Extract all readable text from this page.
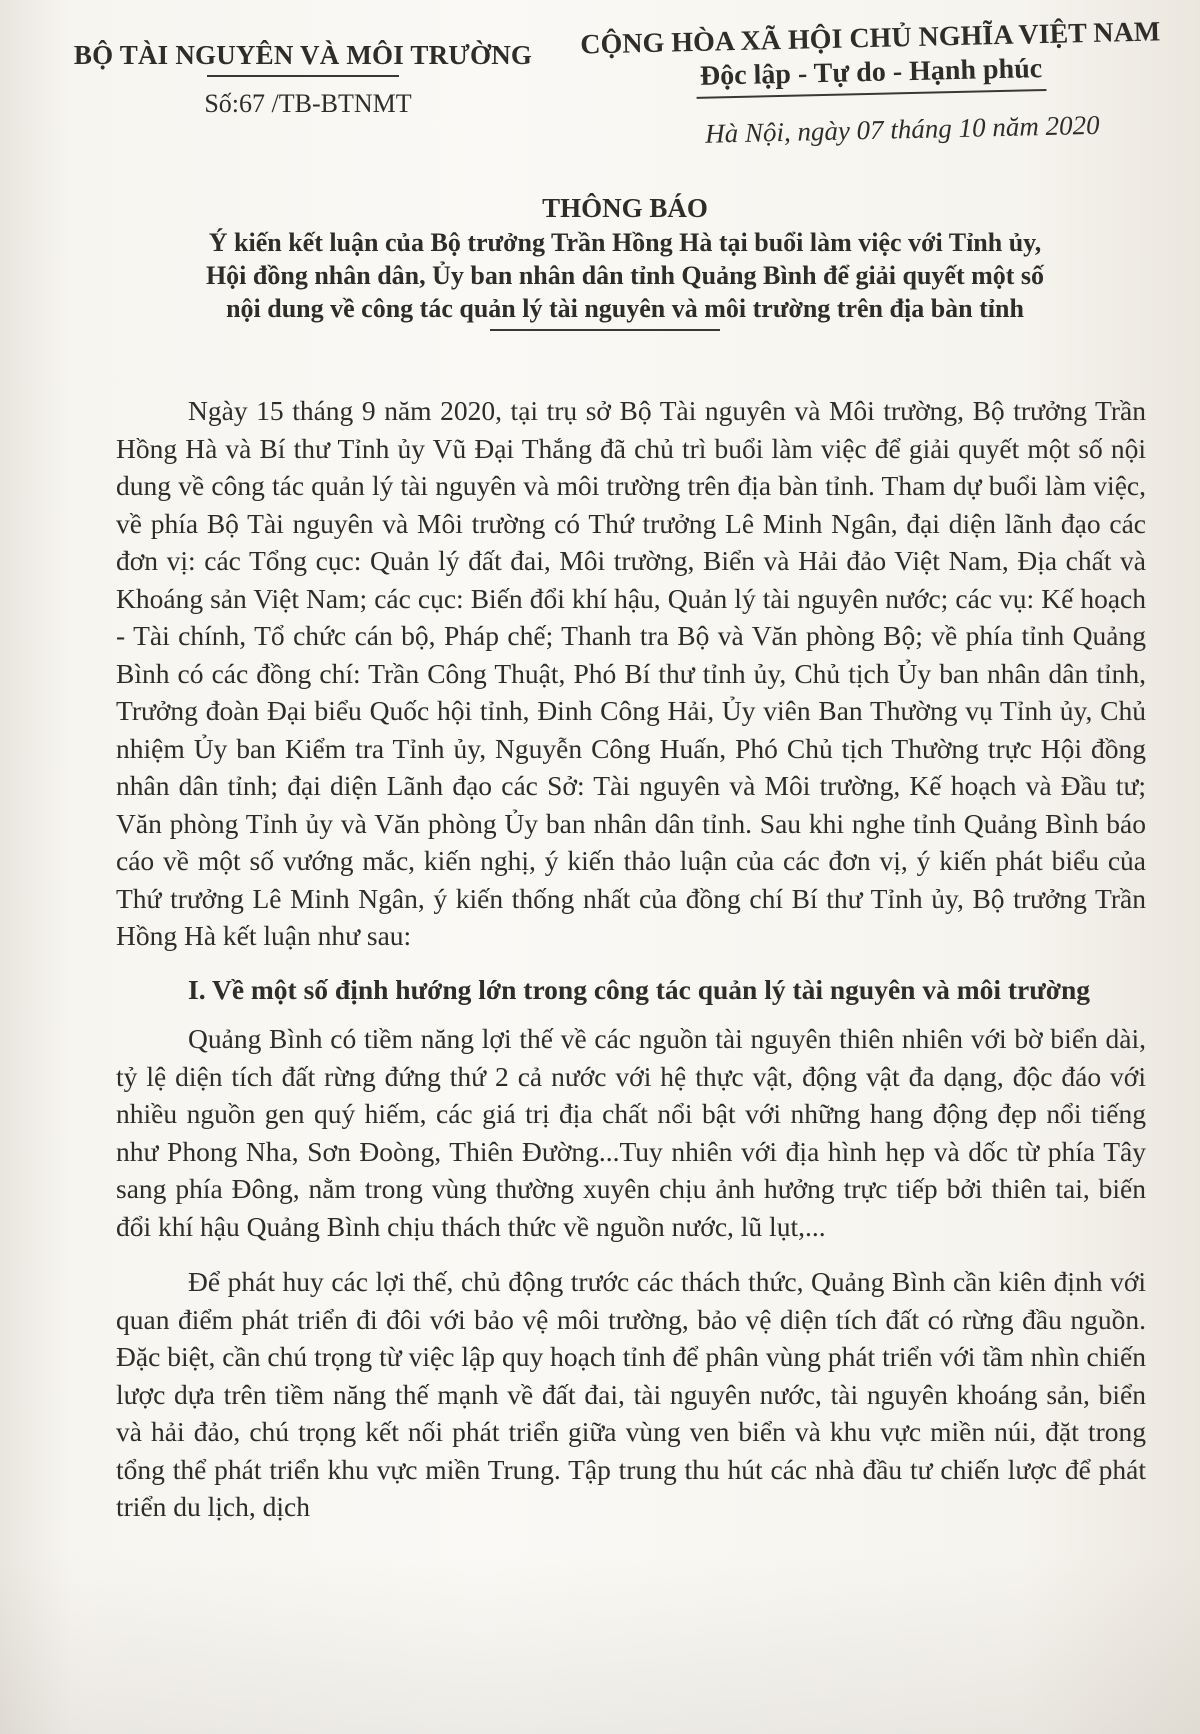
BỘ TÀI NGUYÊN VÀ MÔI TRƯỜNG
Số:67 /TB-BTNMT
CỘNG HÒA XÃ HỘI CHỦ NGHĨA VIỆT NAM
Độc lập - Tự do - Hạnh phúc
Hà Nội, ngày 07 tháng 10 năm 2020
THÔNG BÁO
Ý kiến kết luận của Bộ trưởng Trần Hồng Hà tại buổi làm việc với Tỉnh ủy,
Hội đồng nhân dân, Ủy ban nhân dân tỉnh Quảng Bình để giải quyết một số
nội dung về công tác quản lý tài nguyên và môi trường trên địa bàn tỉnh

Ngày 15 tháng 9 năm 2020, tại trụ sở Bộ Tài nguyên và Môi trường, Bộ trưởng Trần Hồng Hà và Bí thư Tỉnh ủy Vũ Đại Thắng đã chủ trì buổi làm việc để giải quyết một số nội dung về công tác quản lý tài nguyên và môi trường trên địa bàn tỉnh. Tham dự buổi làm việc, về phía Bộ Tài nguyên và Môi trường có Thứ trưởng Lê Minh Ngân, đại diện lãnh đạo các đơn vị: các Tổng cục: Quản lý đất đai, Môi trường, Biển và Hải đảo Việt Nam, Địa chất và Khoáng sản Việt Nam; các cục: Biến đổi khí hậu, Quản lý tài nguyên nước; các vụ: Kế hoạch - Tài chính, Tổ chức cán bộ, Pháp chế; Thanh tra Bộ và Văn phòng Bộ; về phía tỉnh Quảng Bình có các đồng chí: Trần Công Thuật, Phó Bí thư tỉnh ủy, Chủ tịch Ủy ban nhân dân tỉnh, Trưởng đoàn Đại biểu Quốc hội tỉnh, Đinh Công Hải, Ủy viên Ban Thường vụ Tỉnh ủy, Chủ nhiệm Ủy ban Kiểm tra Tỉnh ủy, Nguyễn Công Huấn, Phó Chủ tịch Thường trực Hội đồng nhân dân tỉnh; đại diện Lãnh đạo các Sở: Tài nguyên và Môi trường, Kế hoạch và Đầu tư; Văn phòng Tỉnh ủy và Văn phòng Ủy ban nhân dân tỉnh. Sau khi nghe tỉnh Quảng Bình báo cáo về một số vướng mắc, kiến nghị, ý kiến thảo luận của các đơn vị, ý kiến phát biểu của Thứ trưởng Lê Minh Ngân, ý kiến thống nhất của đồng chí Bí thư Tỉnh ủy, Bộ trưởng Trần Hồng Hà kết luận như sau:

I. Về một số định hướng lớn trong công tác quản lý tài nguyên và môi trường

Quảng Bình có tiềm năng lợi thế về các nguồn tài nguyên thiên nhiên với bờ biển dài, tỷ lệ diện tích đất rừng đứng thứ 2 cả nước với hệ thực vật, động vật đa dạng, độc đáo với nhiều nguồn gen quý hiếm, các giá trị địa chất nổi bật với những hang động đẹp nổi tiếng như Phong Nha, Sơn Đoòng, Thiên Đường...Tuy nhiên với địa hình hẹp và dốc từ phía Tây sang phía Đông, nằm trong vùng thường xuyên chịu ảnh hưởng trực tiếp bởi thiên tai, biến đổi khí hậu Quảng Bình chịu thách thức về nguồn nước, lũ lụt,...

Để phát huy các lợi thế, chủ động trước các thách thức, Quảng Bình cần kiên định với quan điểm phát triển đi đôi với bảo vệ môi trường, bảo vệ diện tích đất có rừng đầu nguồn. Đặc biệt, cần chú trọng từ việc lập quy hoạch tỉnh để phân vùng phát triển với tầm nhìn chiến lược dựa trên tiềm năng thế mạnh về đất đai, tài nguyên nước, tài nguyên khoáng sản, biển và hải đảo, chú trọng kết nối phát triển giữa vùng ven biển và khu vực miền núi, đặt trong tổng thể phát triển khu vực miền Trung. Tập trung thu hút các nhà đầu tư chiến lược để phát triển du lịch, dịch
